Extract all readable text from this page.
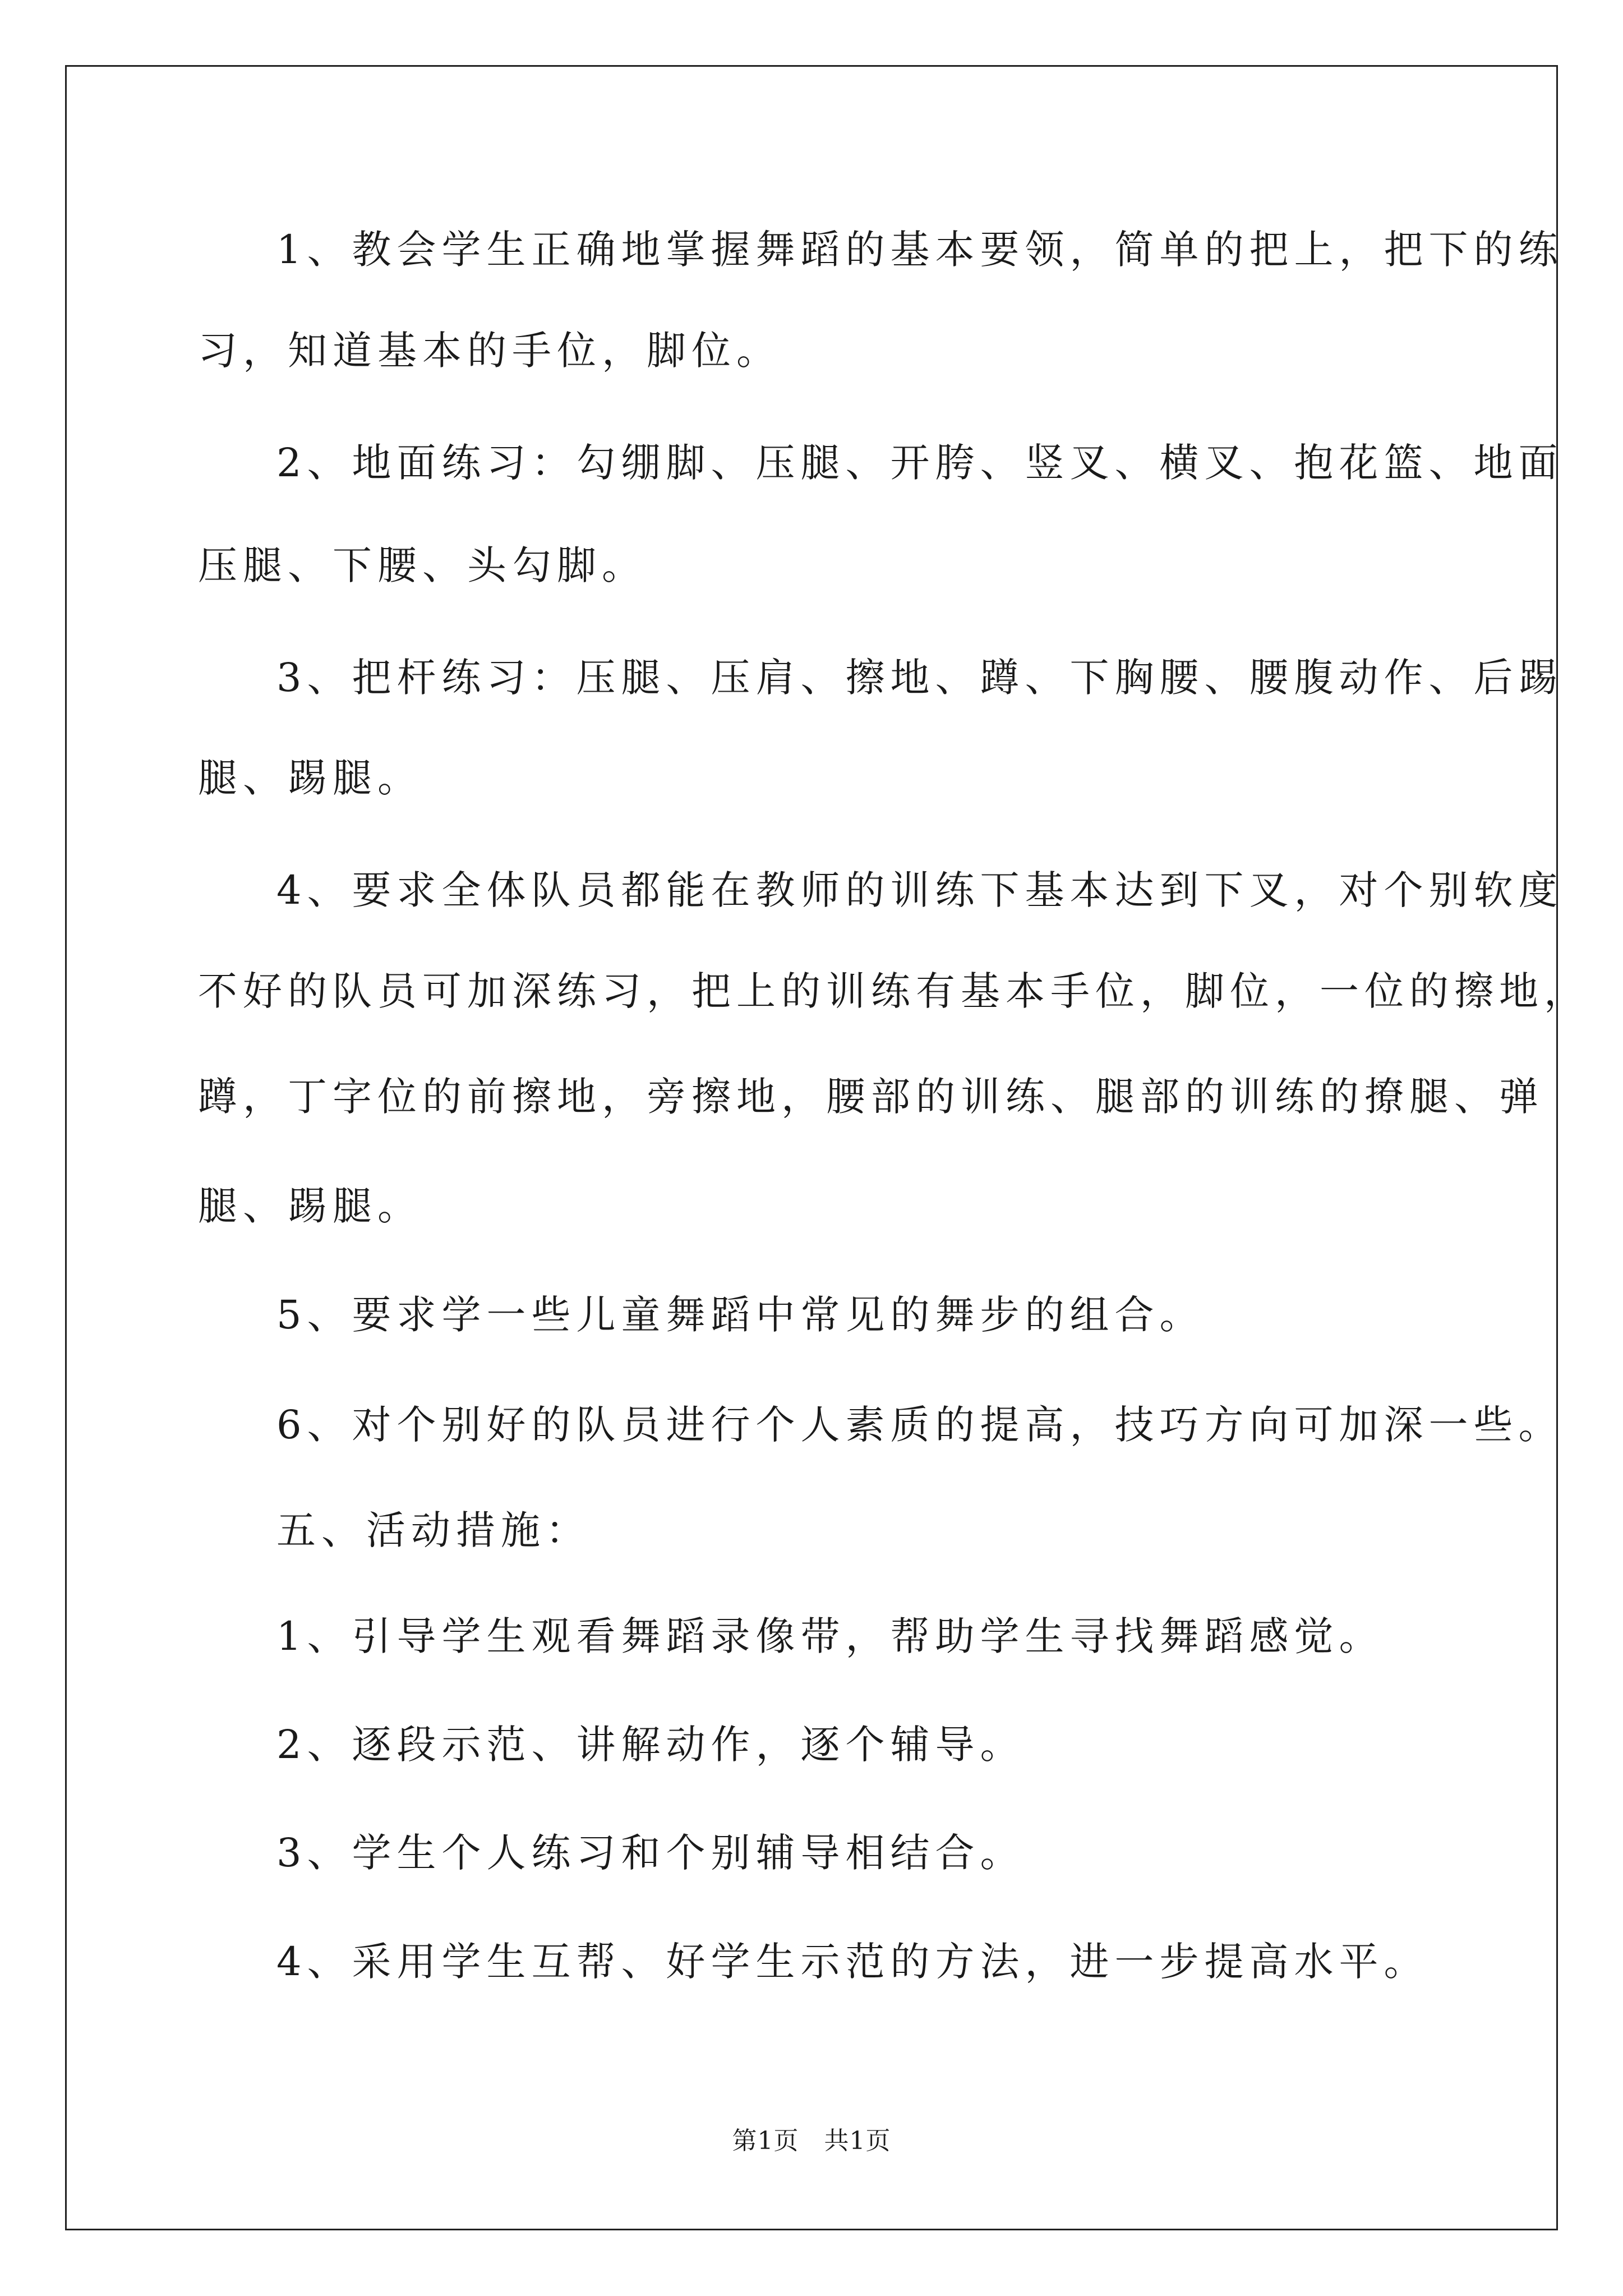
1、教会学生正确地掌握舞蹈的基本要领，简单的把上，把下的练
习，知道基本的手位，脚位。
2、地面练习：勾绷脚、压腿、开胯、竖叉、横叉、抱花篮、地面
压腿、下腰、头勾脚。
3、把杆练习：压腿、压肩、擦地、蹲、下胸腰、腰腹动作、后踢
腿、踢腿。
4、要求全体队员都能在教师的训练下基本达到下叉，对个别软度
不好的队员可加深练习，把上的训练有基本手位，脚位，一位的擦地，
蹲，丁字位的前擦地，旁擦地，腰部的训练、腿部的训练的撩腿、弹
腿、踢腿。
5、要求学一些儿童舞蹈中常见的舞步的组合。
6、对个别好的队员进行个人素质的提高，技巧方向可加深一些。
五、活动措施：
1、引导学生观看舞蹈录像带，帮助学生寻找舞蹈感觉。
2、逐段示范、讲解动作，逐个辅导。
3、学生个人练习和个别辅导相结合。
4、采用学生互帮、好学生示范的方法，进一步提高水平。
第1页   共1页
